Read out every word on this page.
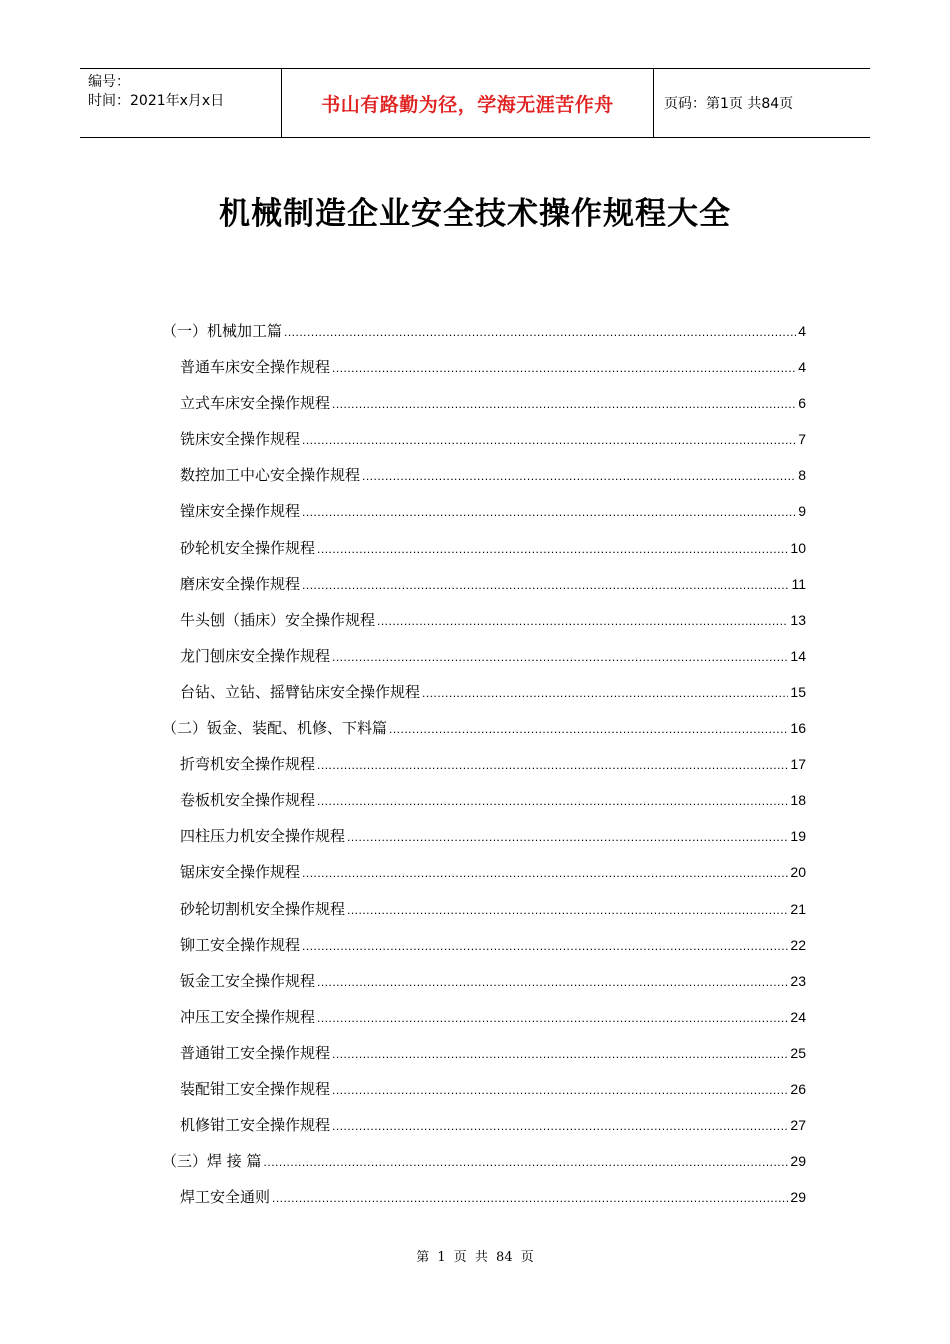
编号：
时间：2021年x月x日	书山有路勤为径，学海无涯苦作舟	页码：第1页 共84页
机械制造企业安全技术操作规程大全
（一）机械加工篇 .....	4
普通车床安全操作规程 .....	4
立式车床安全操作规程 .....	6
铣床安全操作规程 .....	7
数控加工中心安全操作规程 .....	8
镗床安全操作规程 .....	9
砂轮机安全操作规程 .....	10
磨床安全操作规程 .....	11
牛头刨（插床）安全操作规程 .....	13
龙门刨床安全操作规程 .....	14
台钻、立钻、摇臂钻床安全操作规程 .....	15
（二）钣金、装配、机修、下料篇 .....	16
折弯机安全操作规程 .....	17
卷板机安全操作规程 .....	18
四柱压力机安全操作规程 .....	19
锯床安全操作规程 .....	20
砂轮切割机安全操作规程 .....	21
铆工安全操作规程 .....	22
钣金工安全操作规程 .....	23
冲压工安全操作规程 .....	24
普通钳工安全操作规程 .....	25
装配钳工安全操作规程 .....	26
机修钳工安全操作规程 .....	27
（三）焊 接 篇 .....	29
焊工安全通则 .....	29
第 1 页 共 84 页
